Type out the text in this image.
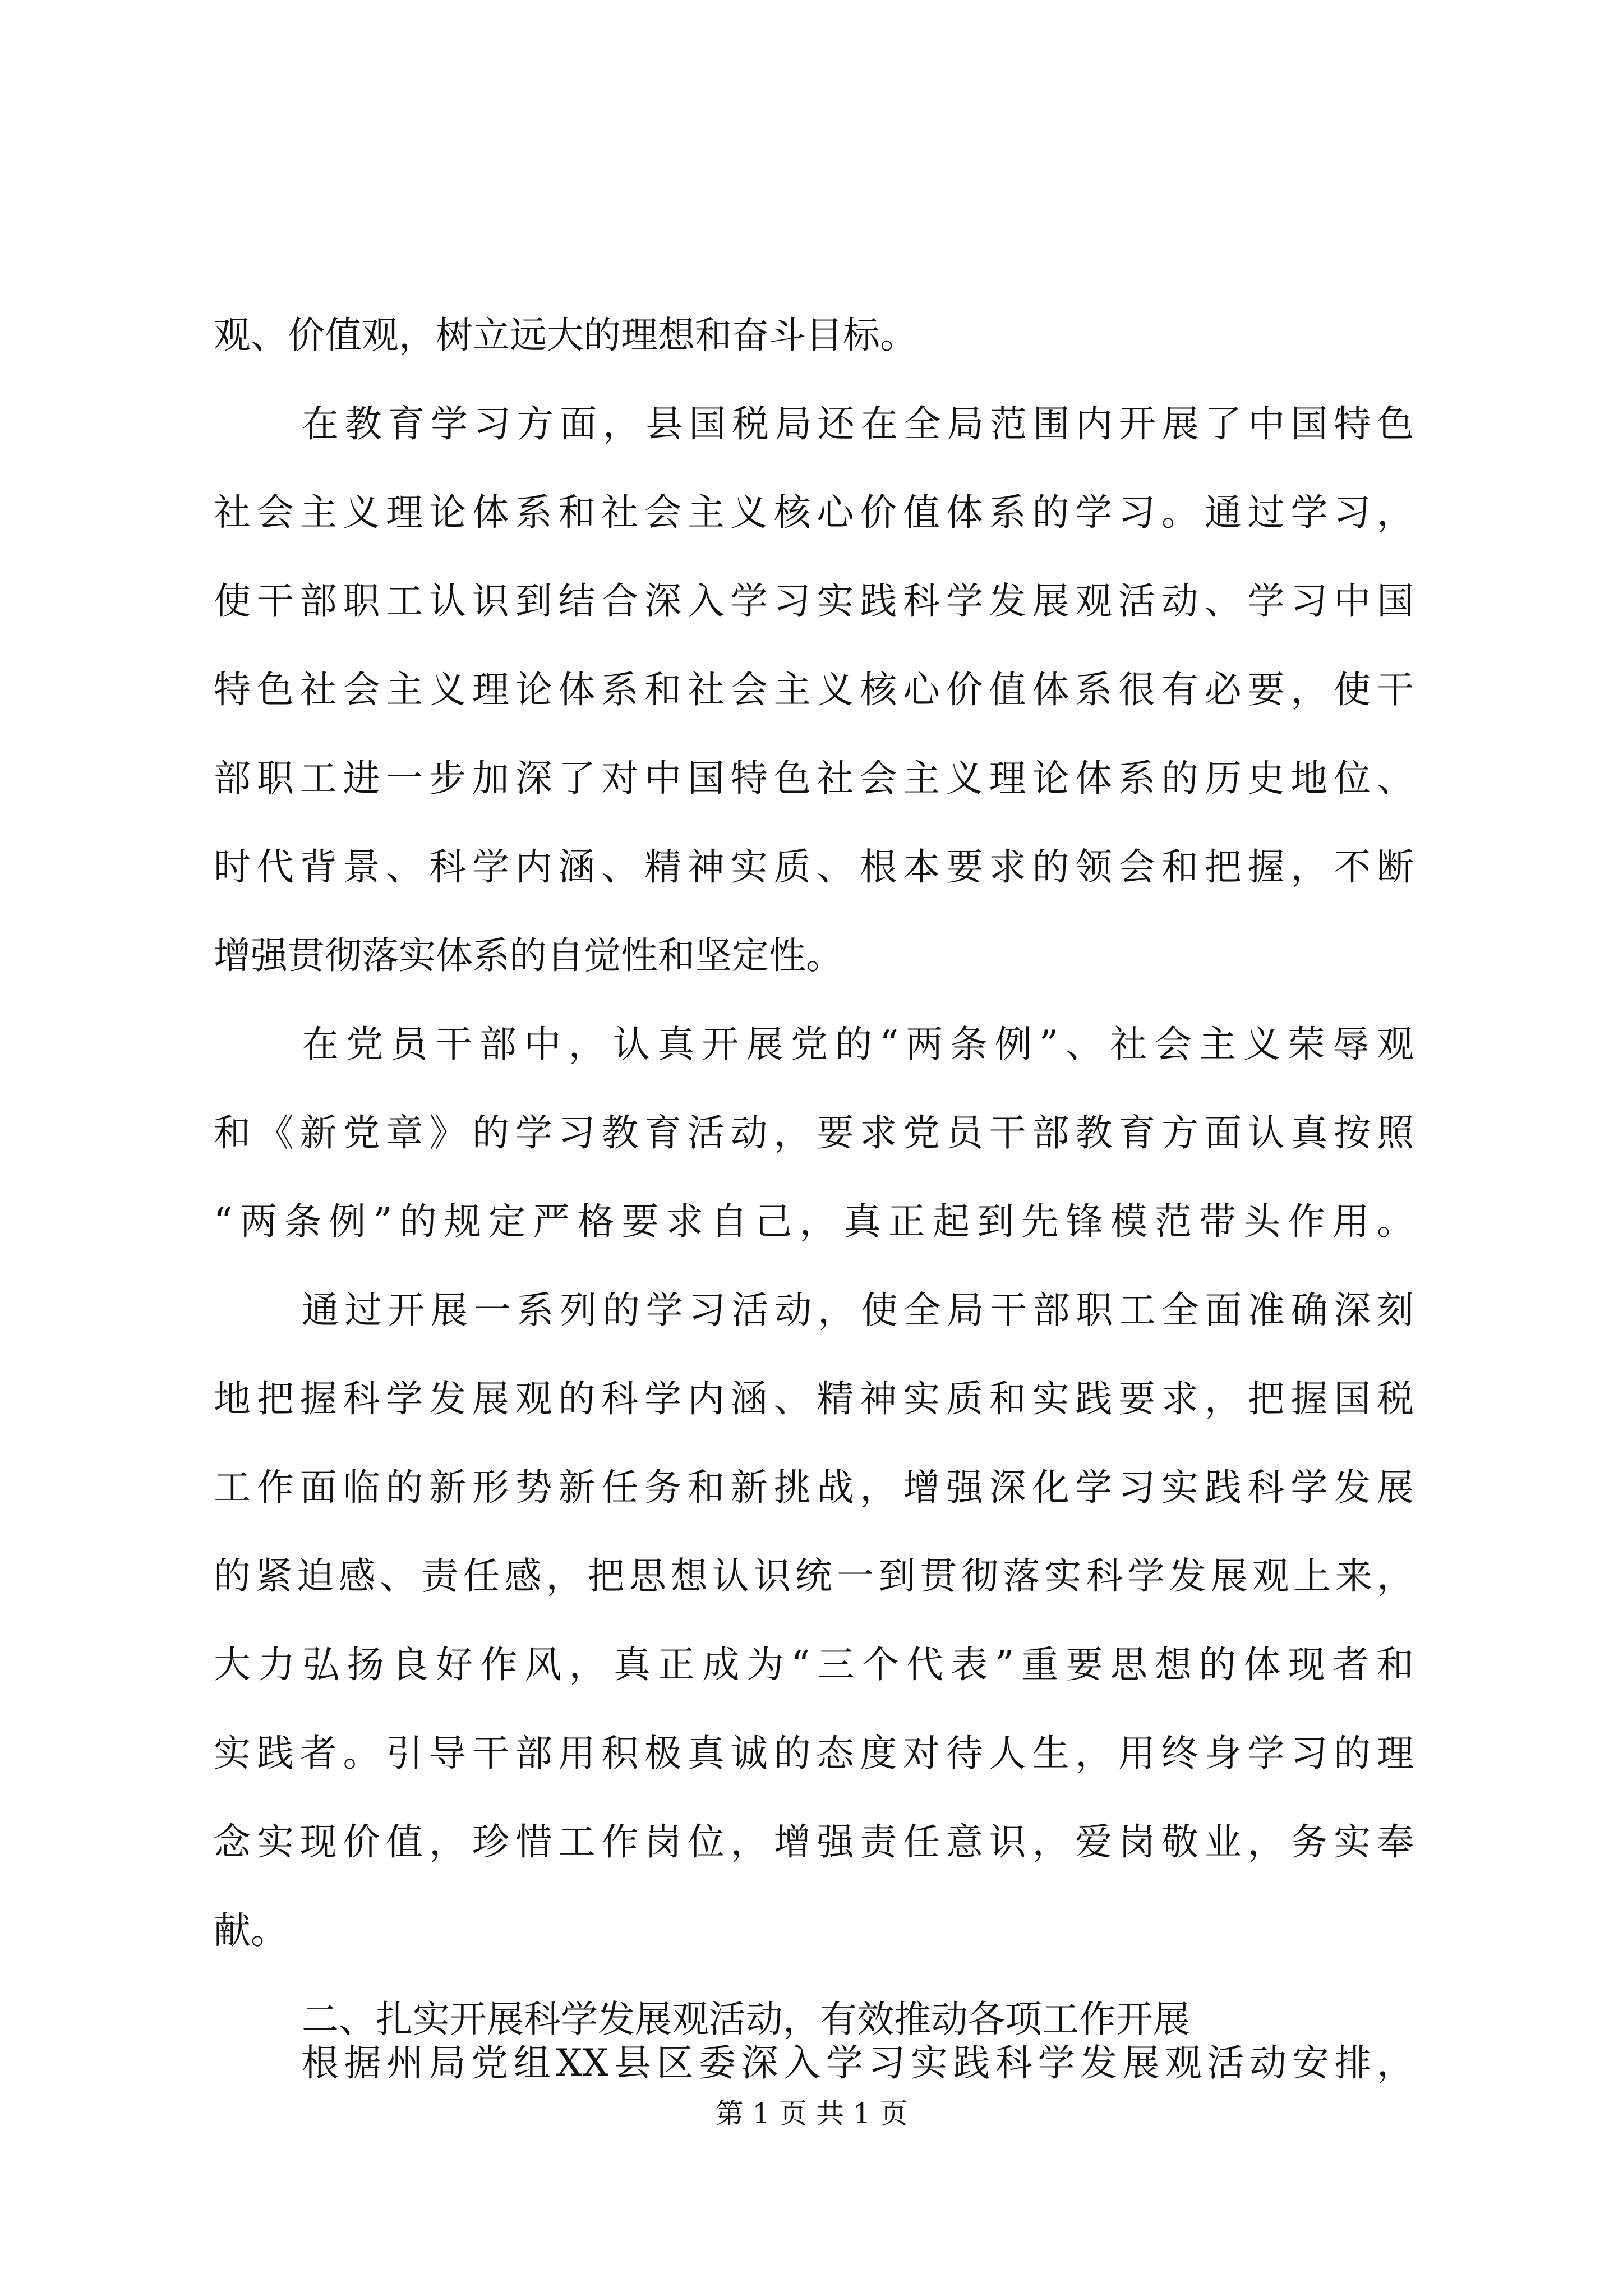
观、价值观，树立远大的理想和奋斗目标。
在教育学习方面，县国税局还在全局范围内开展了中国特色
社会主义理论体系和社会主义核心价值体系的学习。通过学习，
使干部职工认识到结合深入学习实践科学发展观活动、学习中国
特色社会主义理论体系和社会主义核心价值体系很有必要，使干
部职工进一步加深了对中国特色社会主义理论体系的历史地位、
时代背景、科学内涵、精神实质、根本要求的领会和把握，不断
增强贯彻落实体系的自觉性和坚定性。
在党员干部中，认真开展党的“两条例”、社会主义荣辱观
和《新党章》的学习教育活动，要求党员干部教育方面认真按照
“两条例”的规定严格要求自己，真正起到先锋模范带头作用。
通过开展一系列的学习活动，使全局干部职工全面准确深刻
地把握科学发展观的科学内涵、精神实质和实践要求，把握国税
工作面临的新形势新任务和新挑战，增强深化学习实践科学发展
的紧迫感、责任感，把思想认识统一到贯彻落实科学发展观上来，
大力弘扬良好作风，真正成为“三个代表”重要思想的体现者和
实践者。引导干部用积极真诚的态度对待人生，用终身学习的理
念实现价值，珍惜工作岗位，增强责任意识，爱岗敬业，务实奉
献。
二、扎实开展科学发展观活动，有效推动各项工作开展
根据州局党组XX县区委深入学习实践科学发展观活动安排，
第 1 页 共 1 页
